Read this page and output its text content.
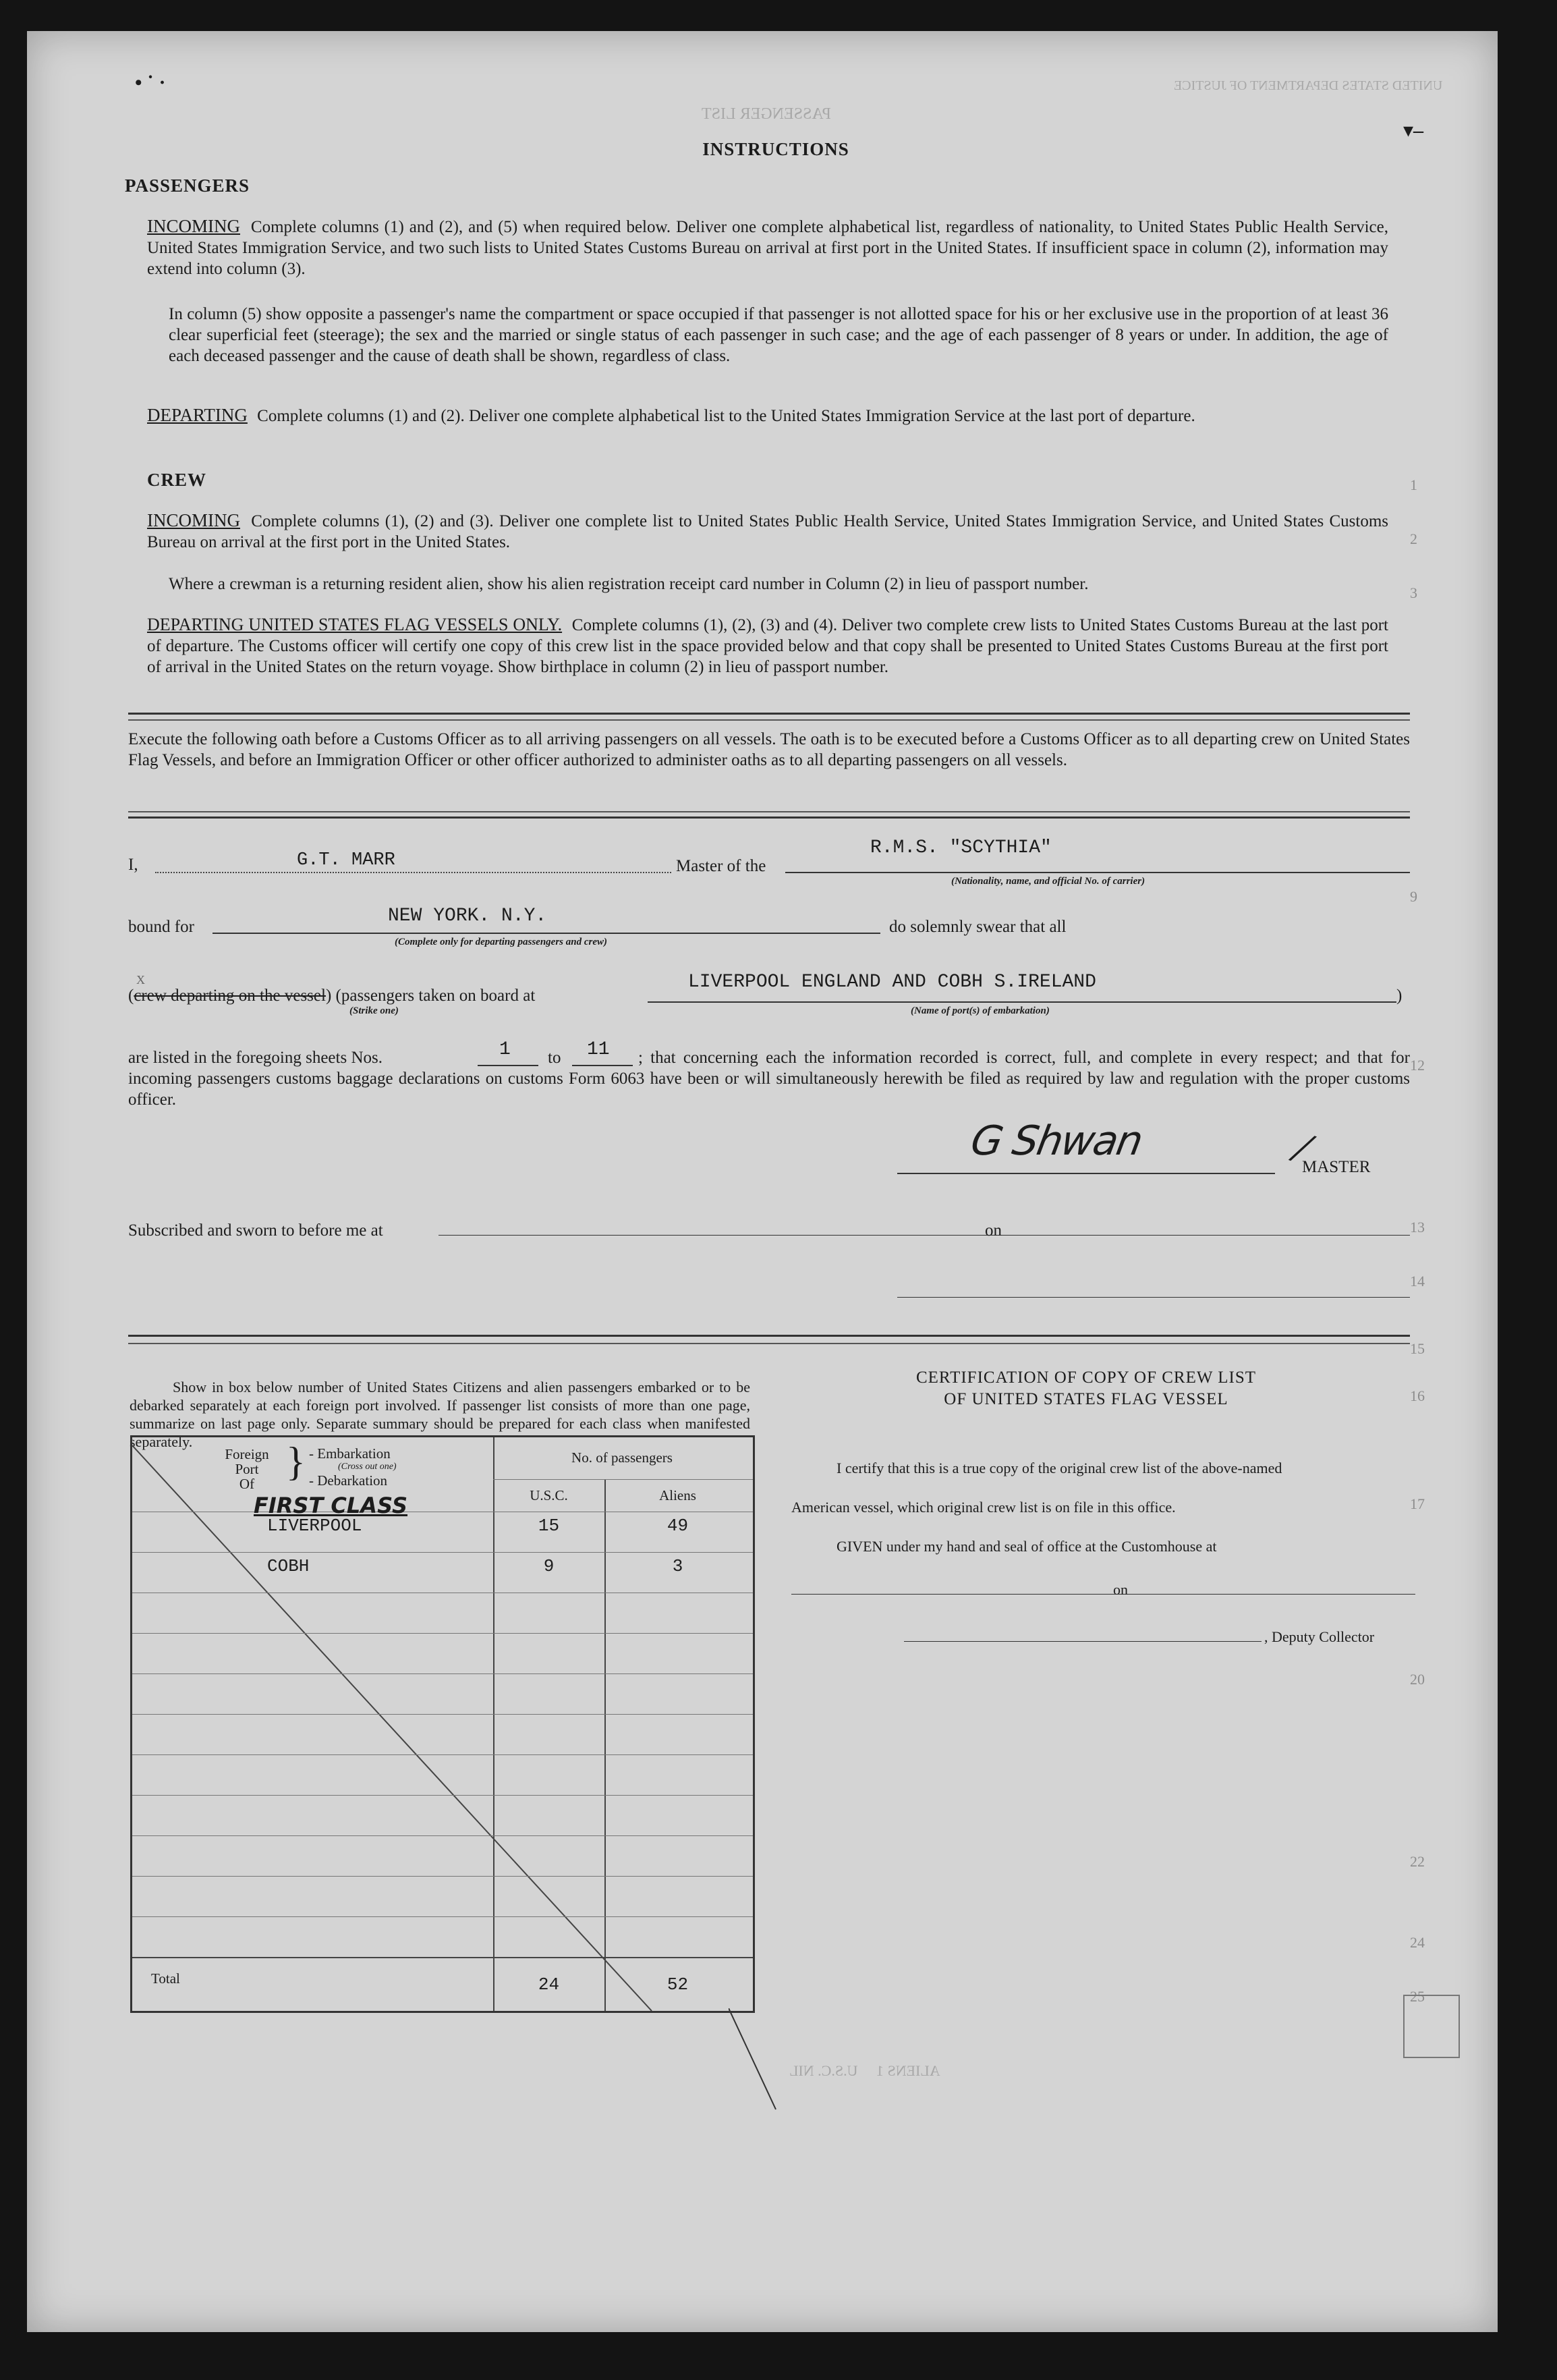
UNITED STATES DEPARTMENT OF JUSTICE
PASSENGER LIST
ALIENS 1     U.S.C. NIL
1
2
3
9
12
13
14
15
16
17
20
22
24
25
INSTRUCTIONS
PASSENGERS
INCOMING Complete columns (1) and (2), and (5) when required below. Deliver one complete alphabetical list, regardless of nationality, to United States Public Health Service, United States Immigration Service, and two such lists to United States Customs Bureau on arrival at first port in the United States. If insufficient space in column (2), information may extend into column (3).
In column (5) show opposite a passenger's name the compartment or space occupied if that passenger is not allotted space for his or her exclusive use in the proportion of at least 36 clear superficial feet (steerage); the sex and the married or single status of each passenger in such case; and the age of each passenger of 8 years or under. In addition, the age of each deceased passenger and the cause of death shall be shown, regardless of class.
DEPARTING Complete columns (1) and (2). Deliver one complete alphabetical list to the United States Immigration Service at the last port of departure.
CREW
INCOMING Complete columns (1), (2) and (3). Deliver one complete list to United States Public Health Service, United States Immigration Service, and United States Customs Bureau on arrival at the first port in the United States.
Where a crewman is a returning resident alien, show his alien registration receipt card number in Column (2) in lieu of passport number.
DEPARTING UNITED STATES FLAG VESSELS ONLY. Complete columns (1), (2), (3) and (4). Deliver two complete crew lists to United States Customs Bureau at the last port of departure. The Customs officer will certify one copy of this crew list in the space provided below and that copy shall be presented to United States Customs Bureau at the first port of arrival in the United States on the return voyage. Show birthplace in column (2) in lieu of passport number.
Execute the following oath before a Customs Officer as to all arriving passengers on all vessels. The oath is to be executed before a Customs Officer as to all departing crew on United States Flag Vessels, and before an Immigration Officer or other officer authorized to administer oaths as to all departing passengers on all vessels.
I,	G.T. MARR	Master of the
R.M.S. "SCYTHIA"
(Nationality, name, and official No. of carrier)
bound for
NEW YORK. N.Y.
(Complete only for departing passengers and crew)
do solemnly swear that all
X
(crew departing on the vessel) (passengers taken on board at
(Strike one)
LIVERPOOL ENGLAND AND COBH S.IRELAND
(Name of port(s) of embarkation)
)
are listed in the foregoing sheets Nos.	1 to 11	; that concerning each the information recorded is correct, full, and complete in every respect; and that for incoming passengers customs baggage declarations on customs Form 6063 have been or will simultaneously herewith be filed as required by law and regulation with the proper customs officer.
G Shwan	/
MASTER
Subscribed and sworn to before me at	on
Show in box below number of United States Citizens and alien passengers embarked or to be debarked separately at each foreign port involved. If passenger list consists of more than one page, summarize on last page only. Separate summary should be prepared for each class when manifested separately.
Foreign
Port
Of } - Embarkation
(Cross out one)
- Debarkation
No. of passengers
U.S.C.	Aliens
FIRST CLASS
LIVERPOOL	15	49
COBH	9	3
Total	24	52
CERTIFICATION OF COPY OF CREW LIST
OF UNITED STATES FLAG VESSEL
I certify that this is a true copy of the original crew list of the above-named
American vessel, which original crew list is on file in this office.
GIVEN under my hand and seal of office at the Customhouse at
on
, Deputy Collector
• ˙ ·
▾–
